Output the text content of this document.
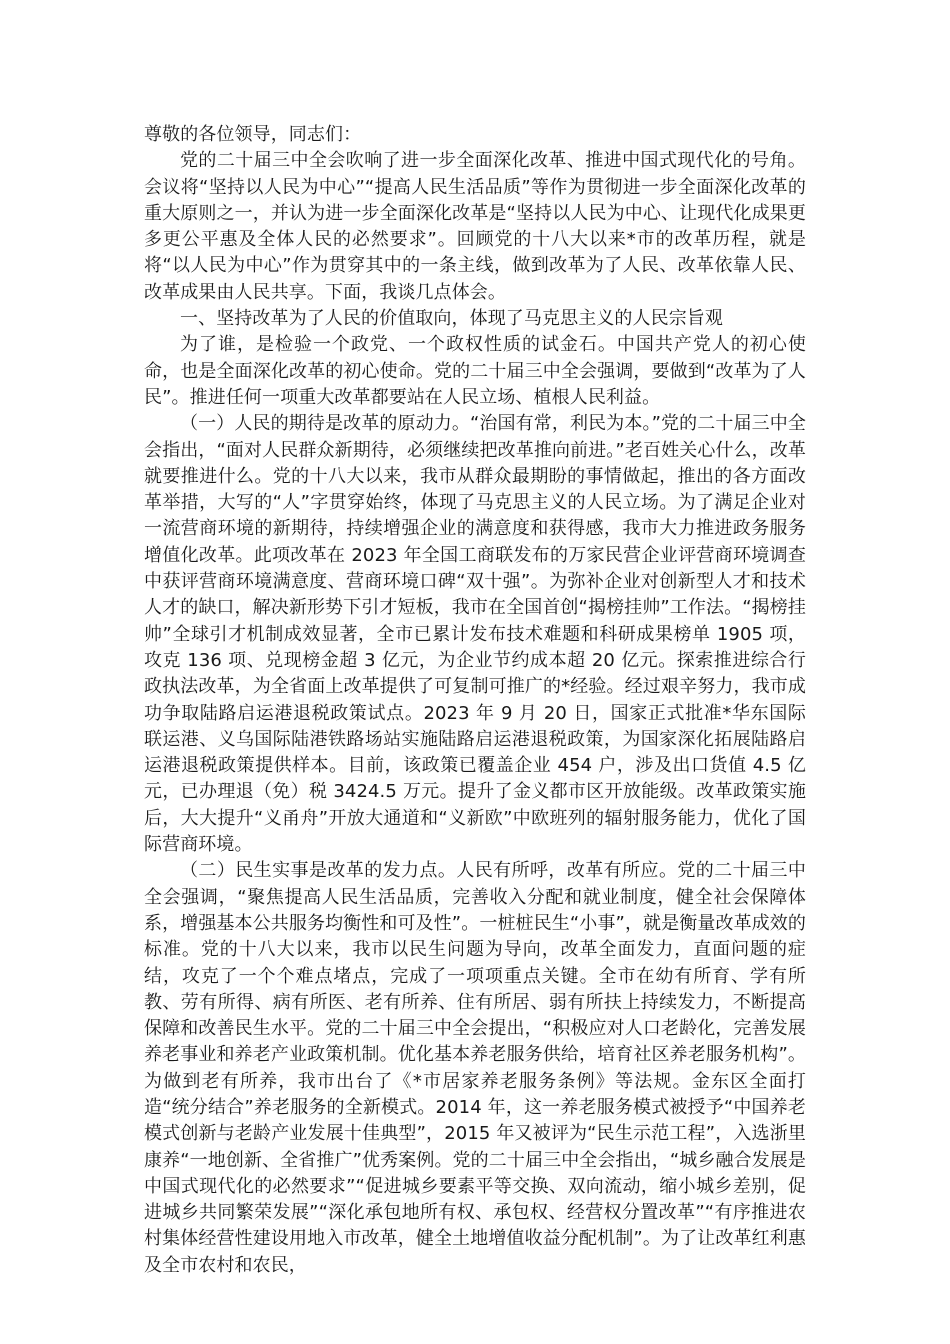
尊敬的各位领导，同志们：

党的二十届三中全会吹响了进一步全面深化改革、推进中国式现代化的号角。会议将“坚持以人民为中心”“提高人民生活品质”等作为贯彻进一步全面深化改革的重大原则之一，并认为进一步全面深化改革是“坚持以人民为中心、让现代化成果更多更公平惠及全体人民的必然要求”。回顾党的十八大以来*市的改革历程，就是将“以人民为中心”作为贯穿其中的一条主线，做到改革为了人民、改革依靠人民、改革成果由人民共享。下面，我谈几点体会。

一、坚持改革为了人民的价值取向，体现了马克思主义的人民宗旨观

为了谁，是检验一个政党、一个政权性质的试金石。中国共产党人的初心使命，也是全面深化改革的初心使命。党的二十届三中全会强调，要做到“改革为了人民”。推进任何一项重大改革都要站在人民立场、植根人民利益。

（一）人民的期待是改革的原动力。“治国有常，利民为本。”党的二十届三中全会指出，“面对人民群众新期待，必须继续把改革推向前进。”老百姓关心什么，改革就要推进什么。党的十八大以来，我市从群众最期盼的事情做起，推出的各方面改革举措，大写的“人”字贯穿始终，体现了马克思主义的人民立场。为了满足企业对一流营商环境的新期待，持续增强企业的满意度和获得感，我市大力推进政务服务增值化改革。此项改革在 2023 年全国工商联发布的万家民营企业评营商环境调查中获评营商环境满意度、营商环境口碑“双十强”。为弥补企业对创新型人才和技术人才的缺口，解决新形势下引才短板，我市在全国首创“揭榜挂帅”工作法。“揭榜挂帅”全球引才机制成效显著，全市已累计发布技术难题和科研成果榜单 1905 项，攻克 136 项、兑现榜金超 3 亿元，为企业节约成本超 20 亿元。探索推进综合行政执法改革，为全省面上改革提供了可复制可推广的*经验。经过艰辛努力，我市成功争取陆路启运港退税政策试点。2023 年 9 月 20 日，国家正式批准*华东国际联运港、义乌国际陆港铁路场站实施陆路启运港退税政策，为国家深化拓展陆路启运港退税政策提供样本。目前，该政策已覆盖企业 454 户，涉及出口货值 4.5 亿元，已办理退（免）税 3424.5 万元。提升了金义都市区开放能级。改革政策实施后，大大提升“义甬舟”开放大通道和“义新欧”中欧班列的辐射服务能力，优化了国际营商环境。

（二）民生实事是改革的发力点。人民有所呼，改革有所应。党的二十届三中全会强调，“聚焦提高人民生活品质，完善收入分配和就业制度，健全社会保障体系，增强基本公共服务均衡性和可及性”。一桩桩民生“小事”，就是衡量改革成效的标准。党的十八大以来，我市以民生问题为导向，改革全面发力，直面问题的症结，攻克了一个个难点堵点，完成了一项项重点关键。全市在幼有所育、学有所教、劳有所得、病有所医、老有所养、住有所居、弱有所扶上持续发力，不断提高保障和改善民生水平。党的二十届三中全会提出，“积极应对人口老龄化，完善发展养老事业和养老产业政策机制。优化基本养老服务供给，培育社区养老服务机构”。为做到老有所养，我市出台了《*市居家养老服务条例》等法规。金东区全面打造“统分结合”养老服务的全新模式。2014 年，这一养老服务模式被授予“中国养老模式创新与老龄产业发展十佳典型”，2015 年又被评为“民生示范工程”，入选浙里康养“一地创新、全省推广”优秀案例。党的二十届三中全会指出，“城乡融合发展是中国式现代化的必然要求”“促进城乡要素平等交换、双向流动，缩小城乡差别，促进城乡共同繁荣发展”“深化承包地所有权、承包权、经营权分置改革”“有序推进农村集体经营性建设用地入市改革，健全土地增值收益分配机制”。为了让改革红利惠及全市农村和农民，
